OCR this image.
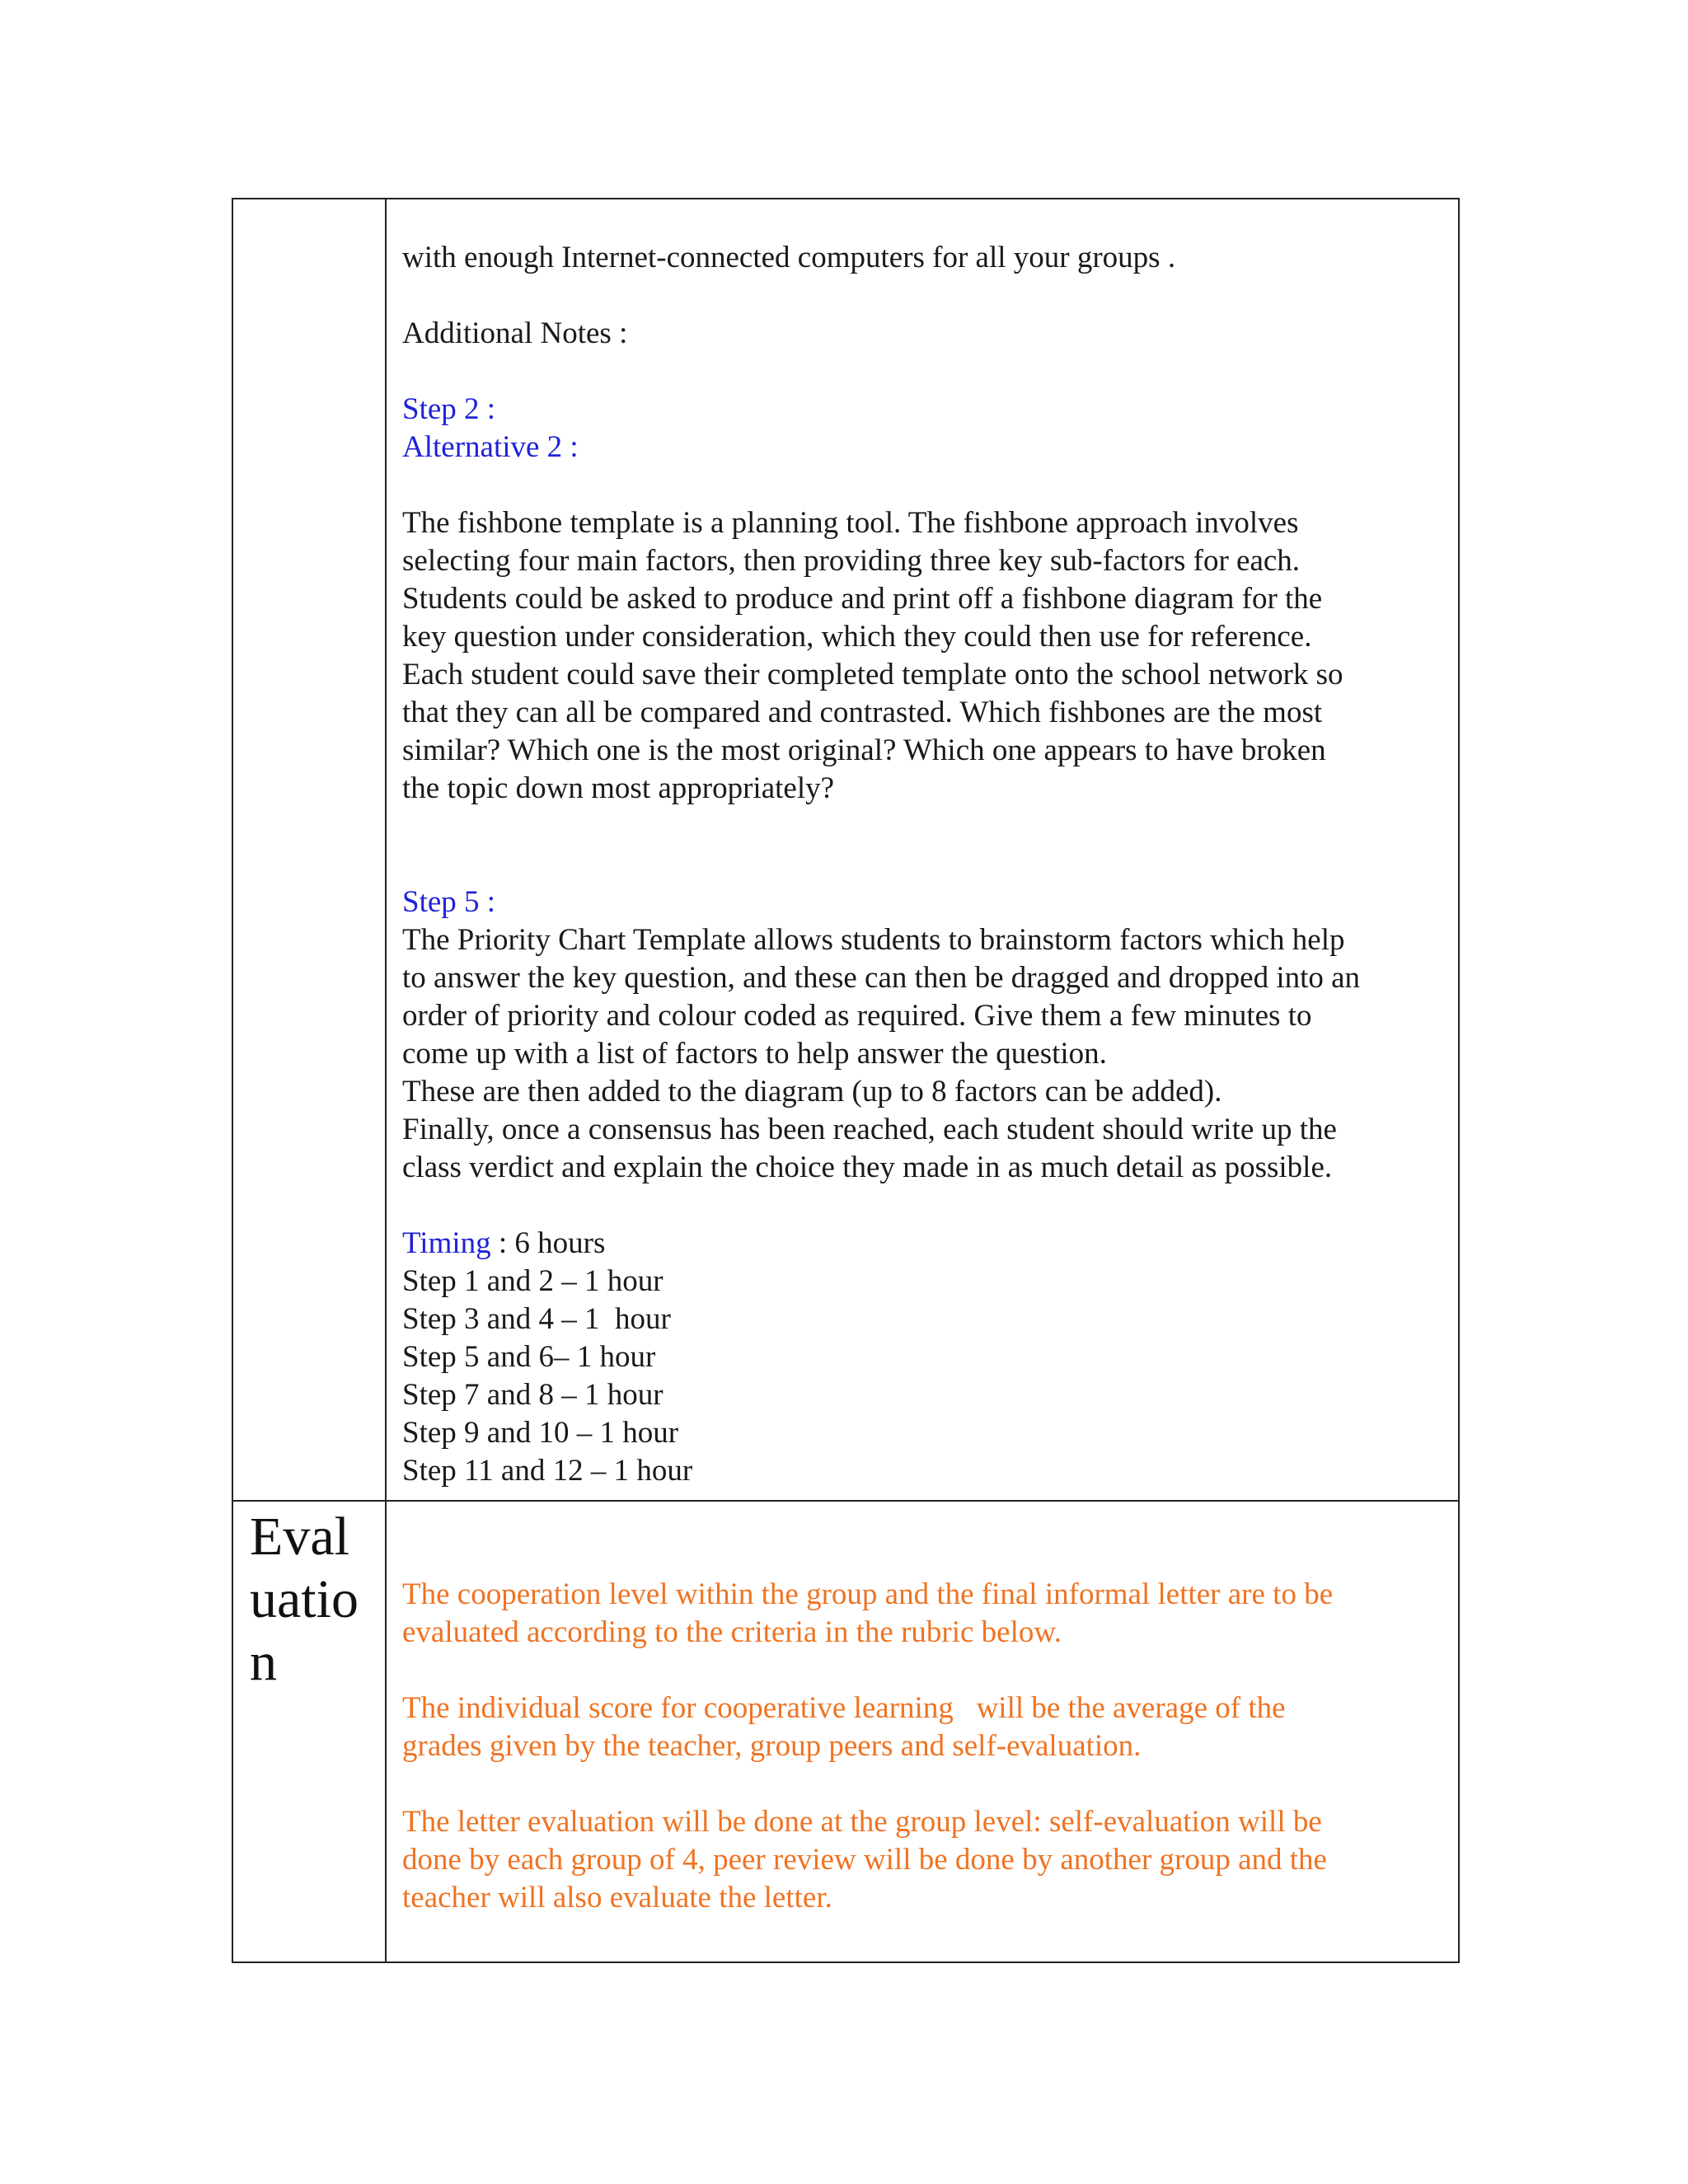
with enough Internet-connected computers for all your groups .
Additional Notes :
Step 2 :
Alternative 2 :
The fishbone template is a planning tool. The fishbone approach involves
selecting four main factors, then providing three key sub-factors for each.
Students could be asked to produce and print off a fishbone diagram for the
key question under consideration, which they could then use for reference.
Each student could save their completed template onto the school network so
that they can all be compared and contrasted. Which fishbones are the most
similar? Which one is the most original? Which one appears to have broken
the topic down most appropriately?
Step 5 :
The Priority Chart Template allows students to brainstorm factors which help
to answer the key question, and these can then be dragged and dropped into an
order of priority and colour coded as required. Give them a few minutes to
come up with a list of factors to help answer the question.
These are then added to the diagram (up to 8 factors can be added).
Finally, once a consensus has been reached, each student should write up the
class verdict and explain the choice they made in as much detail as possible.
Timing : 6 hours
Step 1 and 2 – 1 hour
Step 3 and 4 – 1  hour
Step 5 and 6– 1 hour
Step 7 and 8 – 1 hour
Step 9 and 10 – 1 hour
Step 11 and 12 – 1 hour
Eval
uatio
n
The cooperation level within the group and the final informal letter are to be
evaluated according to the criteria in the rubric below.
The individual score for cooperative learning   will be the average of the
grades given by the teacher, group peers and self-evaluation.
The letter evaluation will be done at the group level: self-evaluation will be
done by each group of 4, peer review will be done by another group and the
teacher will also evaluate the letter.
